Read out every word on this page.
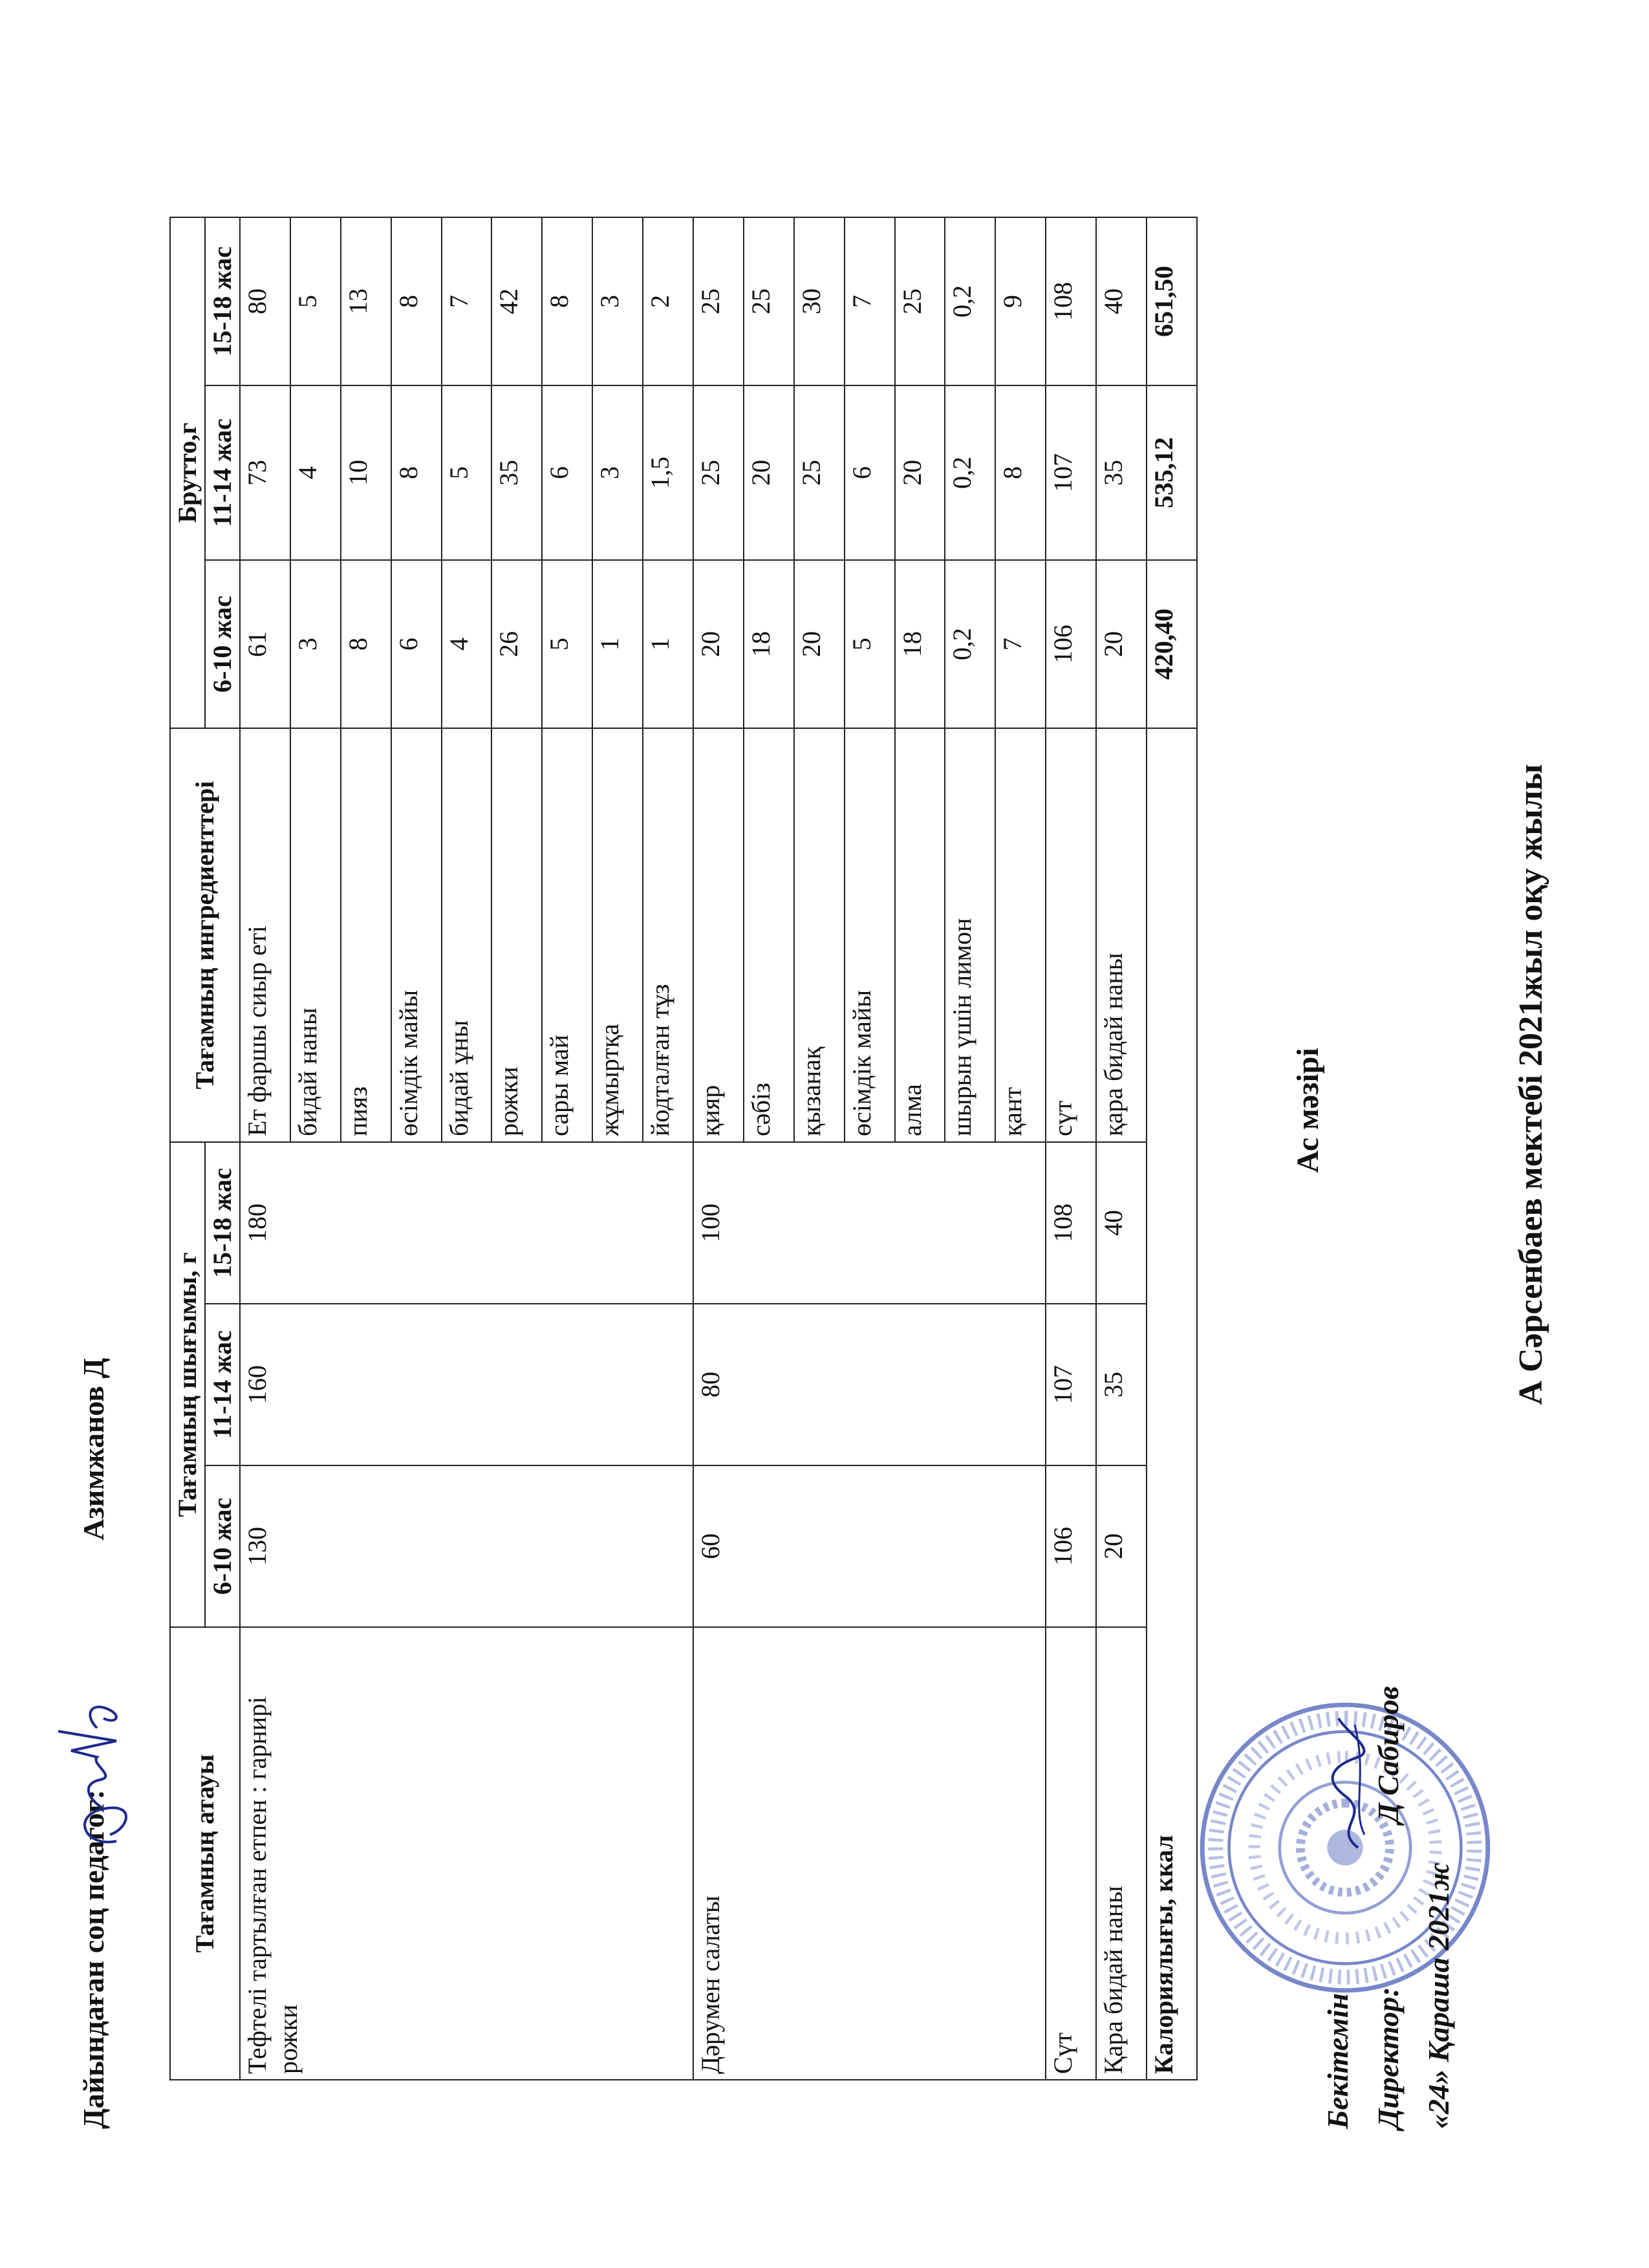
А Сәрсенбаев мектебі 2021жыл оқу жылы
Бекітемін Директор:  Д Сабиров
«24» Қараша 2021ж
Ас мәзірі
Тағамның атауы	Тағамның шығымы, г			Тағамның ингредиенттері	Брутто,г		
	6-10 жас	11-14 жас	15-18 жас		6-10 жас	11-14 жас	15-18 жас
Тефтелі тартылған етпен : гарнирі рожки	130	160	180	Ет фаршы сиыр еті	61	73	80
				бидай наны	3	4	5
				пияз	8	10	13
				өсімдік майы	6	8	8
				бидай ұны	4	5	7
				рожки	26	35	42
				сары май	5	6	8
				жұмыртқа	1	3	3
				йодталған тұз	1	1,5	2
Дәрумен салаты	60	80	100	қияр	20	25	25
				сәбіз	18	20	25
				қызанақ	20	25	30
				өсімдік майы	5	6	7
				алма	18	20	25
				шырын үшін лимон	0,2	0,2	0,2
				қант	7	8	9
Сүт	106	107	108	сүт	106	107	108
Қара бидай наны	20	35	40	қара бидай наны	20	35	40
Калориялығы, ккал					420,40	535,12	651,50
Дайындаған соц педагог:
Азимжанов Д
